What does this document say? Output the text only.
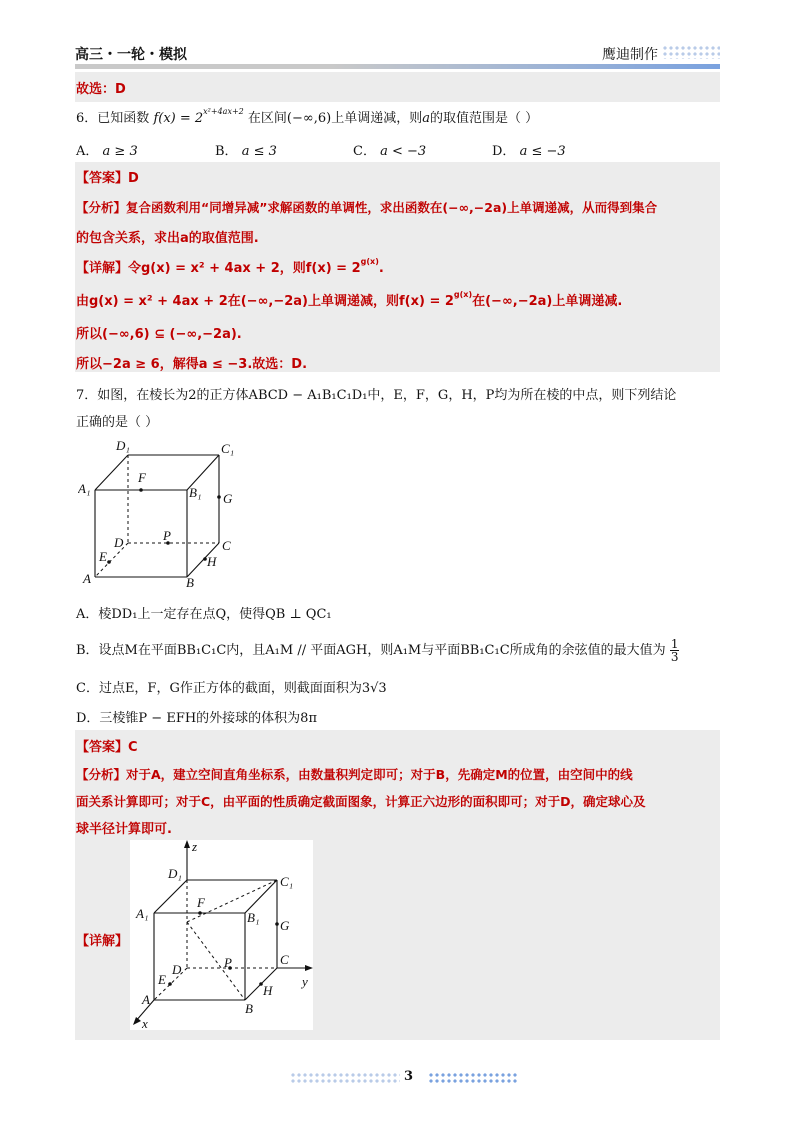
高三・一轮・模拟	鹰迪制作
故选：D
6．已知函数 $f(x) = 2^{x^2+4ax+2}$ 在区间(−∞,6)上单调递减，则a的取值范围是（ ）
A． a ≥ 3	B． a ≤ 3	C． a < −3	D． a ≤ −3
【答案】D
【分析】复合函数利用“同增异减”求解函数的单调性，求出函数在(−∞,−2a)上单调递减，从而得到集合
的包含关系，求出a的取值范围.
【详解】令g(x) = x² + 4ax + 2，则$f(x) = 2^{g(x)}$.
由g(x) = x² + 4ax + 2在(−∞,−2a)上单调递减，则$f(x) = 2^{g(x)}$在(−∞,−2a)上单调递减.
所以(−∞,6) ⊆ (−∞,−2a).
所以−2a ≥ 6，解得a ≤ −3.故选：D.
7．如图，在棱长为2的正方体ABCD − A₁B₁C₁D₁中，E，F，G，H，P均为所在棱的中点，则下列结论
正确的是（ ）
D₁	C₁
A₁
F
B₁ G
D	P
C
E	H
A	B
A．棱DD₁上一定存在点Q，使得QB ⊥ QC₁
B．设点M在平面BB₁C₁C内，且A₁M // 平面AGH，则A₁M与平面BB₁C₁C所成角的余弦值的最大值为 $\frac{1}{3}$
C．过点E，F，G作正方体的截面，则截面面积为3√3
D．三棱锥P − EFH的外接球的体积为8π
【答案】C
【分析】对于A，建立空间直角坐标系，由数量积判定即可；对于B，先确定M的位置，由空间中的线
面关系计算即可；对于C，由平面的性质确定截面图象，计算正六边形的面积即可；对于D，确定球心及
球半径计算即可.
【详解】
z
D₁
C₁
A₁
F
B₁
G
D	P	C
E
H
y
A
B
x
3
